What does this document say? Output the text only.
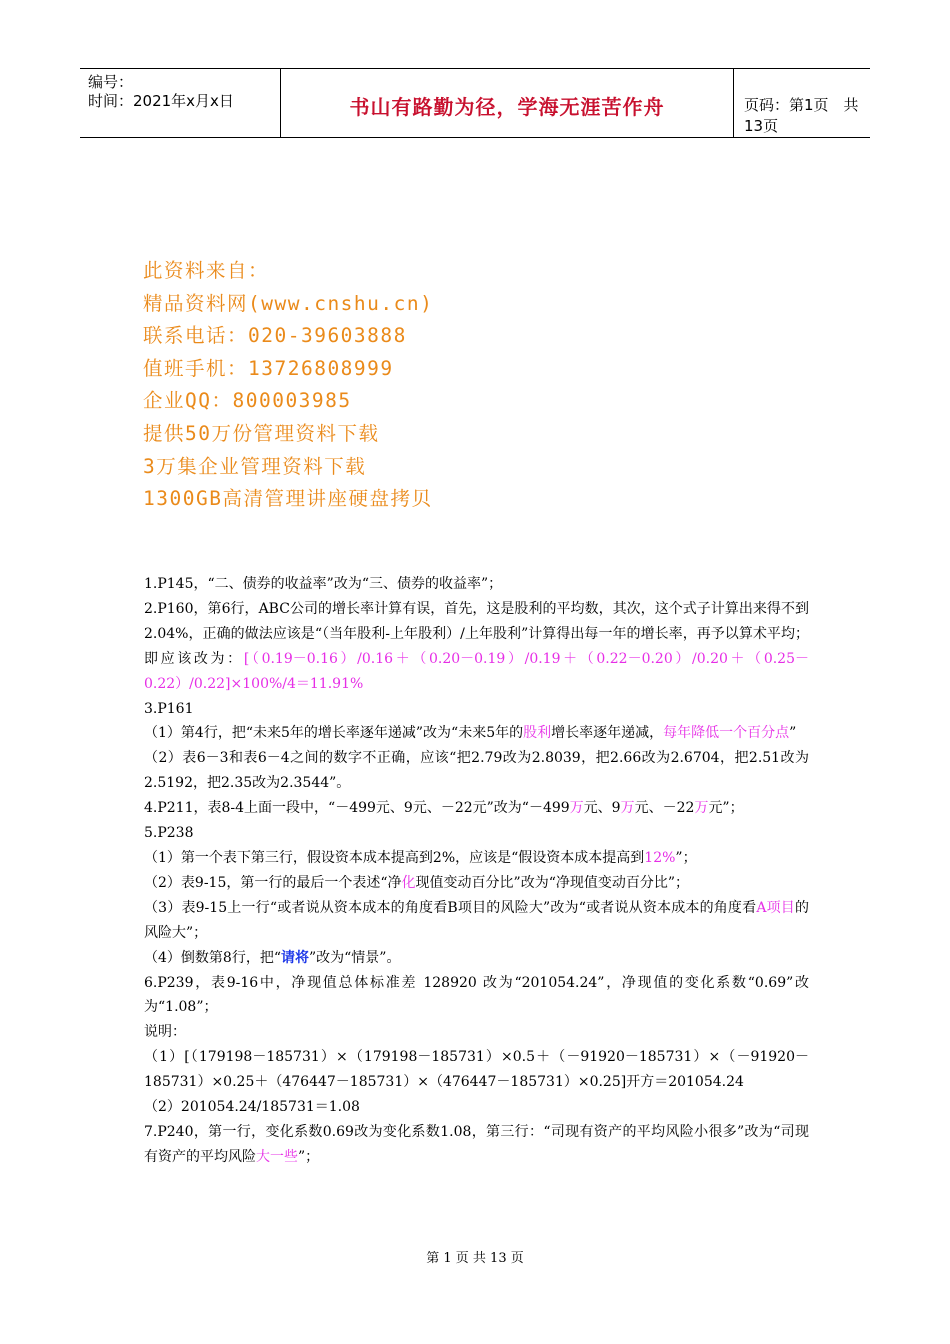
编号：
时间：2021年x月x日	书山有路勤为径，学海无涯苦作舟	页码：第1页　共13页
此资料来自：
精品资料网(www.cnshu.cn)
联系电话：020-39603888
值班手机：13726808999
企业QQ：800003985
提供50万份管理资料下载
3万集企业管理资料下载
1300GB高清管理讲座硬盘拷贝

1.P145，“二、债券的收益率”改为“三、债券的收益率”；

2.P160，第6行，ABC公司的增长率计算有误，首先，这是股利的平均数，其次，这个式子计算出来得不到2.04%，正确的做法应该是“（当年股利-上年股利）/上年股利”计算得出每一年的增长率，再予以算术平均；即应该改为：[（0.19－0.16）/0.16＋（0.20－0.19）/0.19＋（0.22－0.20）/0.20＋（0.25－0.22）/0.22]×100%/4＝11.91%

3.P161

（1）第4行，把“未来5年的增长率逐年递减”改为“未来5年的股利增长率逐年递减，每年降低一个百分点”

（2）表6－3和表6－4之间的数字不正确，应该“把2.79改为2.8039，把2.66改为2.6704，把2.51改为2.5192，把2.35改为2.3544”。

4.P211，表8-4上面一段中，“－499元、9元、－22元”改为“－499万元、9万元、－22万元”；

5.P238

（1）第一个表下第三行，假设资本成本提高到2%，应该是“假设资本成本提高到12%”；

（2）表9-15，第一行的最后一个表述“净化现值变动百分比”改为“净现值变动百分比”；

（3）表9-15上一行“或者说从资本成本的角度看B项目的风险大”改为“或者说从资本成本的角度看A项目的风险大”；

（4）倒数第8行，把“请将”改为“情景”。

6.P239，表9-16中，净现值总体标准差 128920 改为“201054.24”，净现值的变化系数“0.69”改为“1.08”；

说明：

（1）[（179198－185731）×（179198－185731）×0.5＋（－91920－185731）×（－91920－185731）×0.25＋（476447－185731）×（476447－185731）×0.25]开方＝201054.24

（2）201054.24/185731＝1.08

7.P240，第一行，变化系数0.69改为变化系数1.08，第三行：“司现有资产的平均风险小很多”改为“司现有资产的平均风险大一些”；

第 1 页 共 13 页
